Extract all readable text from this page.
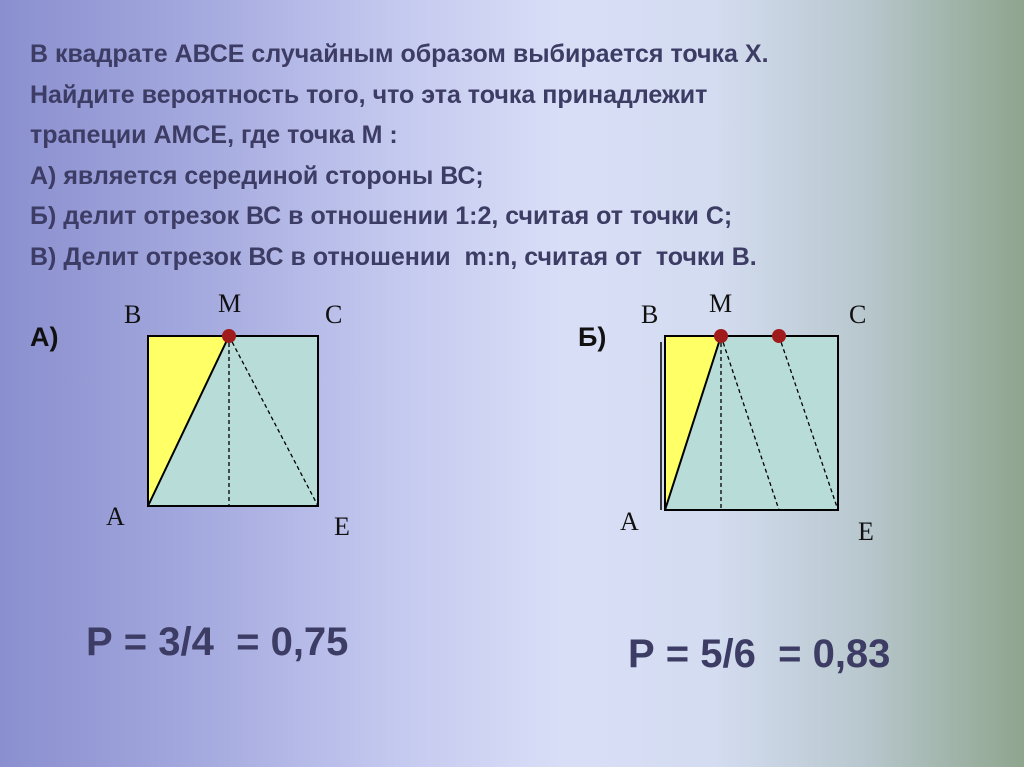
В квадрате АВСЕ случайным образом выбирается точка Х.
Найдите вероятность того, что эта точка принадлежит
трапеции АМСЕ, где точка М :
А) является серединой стороны ВС;
Б) делит отрезок ВС в отношении 1:2, считая от точки С;
В) Делит отрезок ВС в отношении  m:n, считая от  точки В.
А)	Б)
В	М	С
А	Е
В М	С
А	Е
Р = 3/4  = 0,75	Р = 5/6  = 0,83
